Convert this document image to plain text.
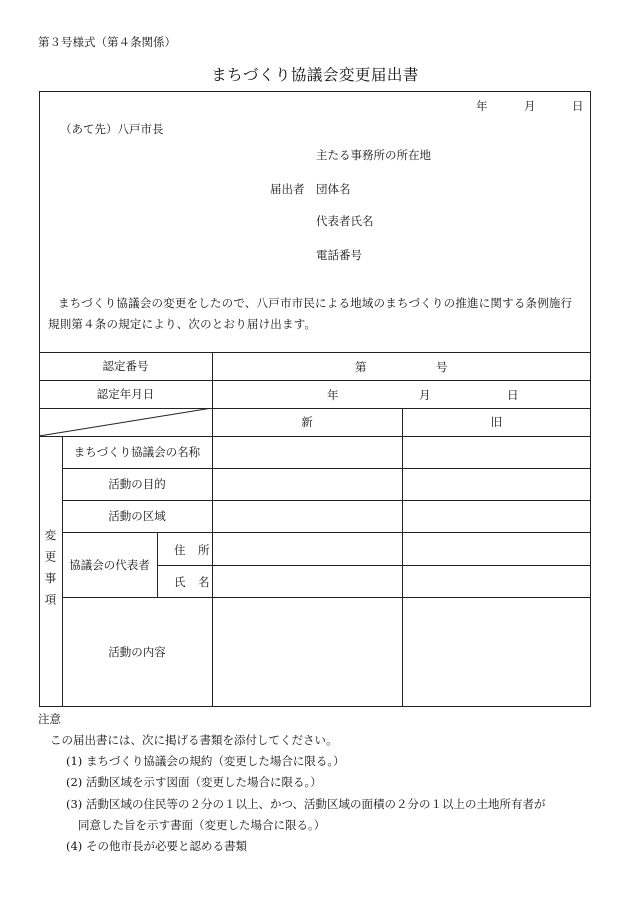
第３号様式（第４条関係）
まちづくり協議会変更届出書
年	月	日
（あて先）八戸市長
主たる事務所の所在地
届出者 団体名
代表者氏名
電話番号
まちづくり協議会の変更をしたので、八戸市市民による地域のまちづくりの推進に関する条例施行
規則第４条の規定により、次のとおり届け出ます。
認定番号	第	号
認定年月日	年	月	日
新	旧
変更事項
まちづくり協議会の名称
活動の目的
活動の区域
協議会の代表者
住 所
氏 名
活動の内容
注意
この届出書には、次に掲げる書類を添付してください。
(1) まちづくり協議会の規約（変更した場合に限る。）
(2) 活動区域を示す図面（変更した場合に限る。）
(3) 活動区域の住民等の２分の１以上、かつ、活動区域の面積の２分の１以上の土地所有者が
同意した旨を示す書面（変更した場合に限る。）
(4) その他市長が必要と認める書類
